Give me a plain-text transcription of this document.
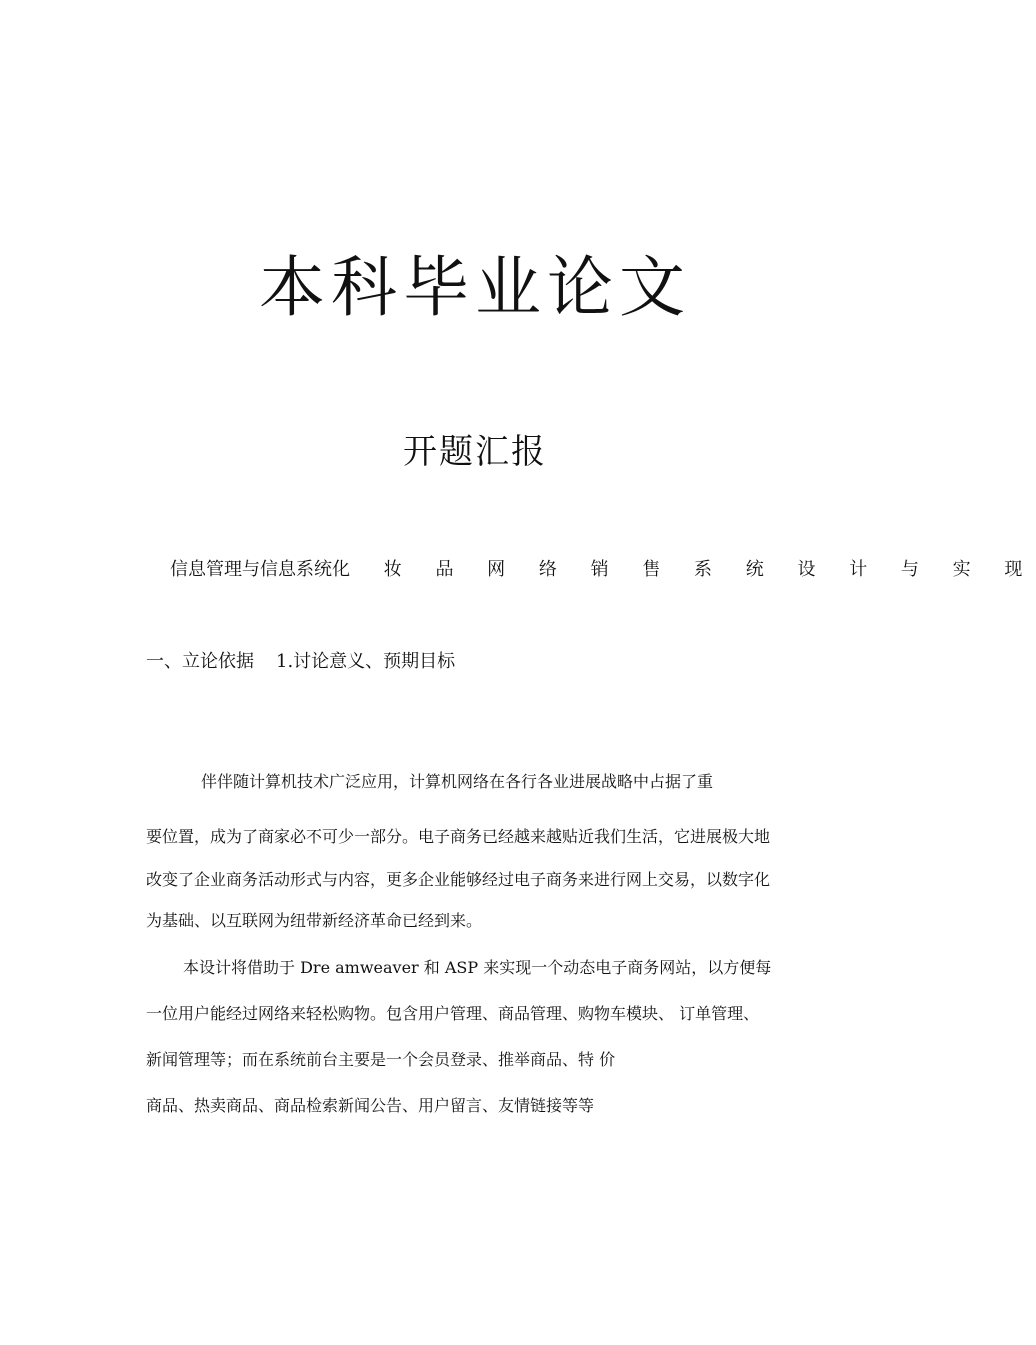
本科毕业论文
开题汇报
信息管理与信息系统化 妆 品 网 络 销 售 系 统 设 计 与 实 现
一、立论依据 1.讨论意义、预期目标
伴伴随计算机技术广泛应用，计算机网络在各行各业进展战略中占据了重
要位置，成为了商家必不可少一部分。电子商务已经越来越贴近我们生活，它进展极大地
改变了企业商务活动形式与内容，更多企业能够经过电子商务来进行网上交易，以数字化
为基础、以互联网为纽带新经济革命已经到来。
本设计将借助于 Dre amweaver 和 ASP 来实现一个动态电子商务网站，以方便每
一位用户能经过网络来轻松购物。包含用户管理、商品管理、购物车模块、 订单管理、
新闻管理等；而在系统前台主要是一个会员登录、推举商品、特 价
商品、热卖商品、商品检索新闻公告、用户留言、友情链接等等
